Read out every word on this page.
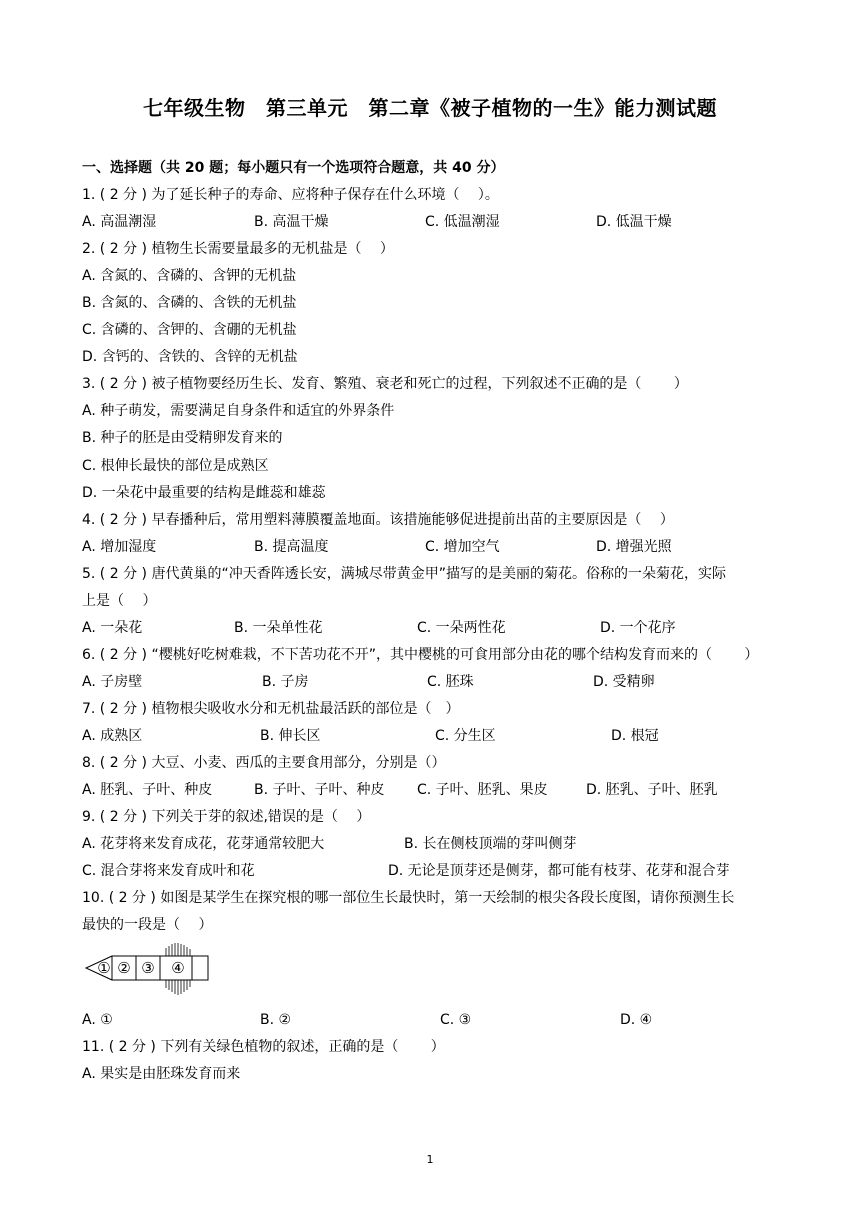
七年级生物　第三单元　第二章《被子植物的一生》能力测试题
一、选择题（共 20 题；每小题只有一个选项符合题意，共 40 分）
1. ( 2 分 ) 为了延长种子的寿命、应将种子保存在什么环境（　 ）。
A. 高温潮湿	B. 高温干燥	C. 低温潮湿	D. 低温干燥
2. ( 2 分 ) 植物生长需要量最多的无机盐是（　 ）
A. 含氮的、含磷的、含钾的无机盐
B. 含氮的、含磷的、含铁的无机盐
C. 含磷的、含钾的、含硼的无机盐
D. 含钙的、含铁的、含锌的无机盐
3. ( 2 分 ) 被子植物要经历生长、发育、繁殖、衰老和死亡的过程，下列叙述不正确的是（　　 ）
A. 种子萌发，需要满足自身条件和适宜的外界条件
B. 种子的胚是由受精卵发育来的
C. 根伸长最快的部位是成熟区
D. 一朵花中最重要的结构是雌蕊和雄蕊
4. ( 2 分 ) 早春播种后，常用塑料薄膜覆盖地面。该措施能够促进提前出苗的主要原因是（　 ）
A. 增加湿度	B. 提高温度	C. 增加空气	D. 增强光照
5. ( 2 分 ) 唐代黄巢的“冲天香阵透长安，满城尽带黄金甲”描写的是美丽的菊花。俗称的一朵菊花，实际
上是（　 ）
A. 一朵花	B. 一朵单性花	C. 一朵两性花	D. 一个花序
6. ( 2 分 ) “樱桃好吃树难栽，不下苦功花不开”，其中樱桃的可食用部分由花的哪个结构发育而来的（　　 ）
A. 子房壁	B. 子房	C. 胚珠	D. 受精卵
7. ( 2 分 ) 植物根尖吸收水分和无机盐最活跃的部位是（　）
A. 成熟区	B. 伸长区	C. 分生区	D. 根冠
8. ( 2 分 ) 大豆、小麦、西瓜的主要食用部分，分别是（）
A. 胚乳、子叶、种皮	B. 子叶、子叶、种皮 C. 子叶、胚乳、果皮	D. 胚乳、子叶、胚乳
9. ( 2 分 ) 下列关于芽的叙述,错误的是（　 ）
A. 花芽将来发育成花，花芽通常较肥大	B. 长在侧枝顶端的芽叫侧芽
C. 混合芽将来发育成叶和花	D. 无论是顶芽还是侧芽，都可能有枝芽、花芽和混合芽
10. ( 2 分 ) 如图是某学生在探究根的哪一部位生长最快时，第一天绘制的根尖各段长度图，请你预测生长
最快的一段是（　 ）
① ② ③ ④
A. ①	B. ②	C. ③	D. ④
11. ( 2 分 ) 下列有关绿色植物的叙述，正确的是（　　 ）
A. 果实是由胚珠发育而来
1
